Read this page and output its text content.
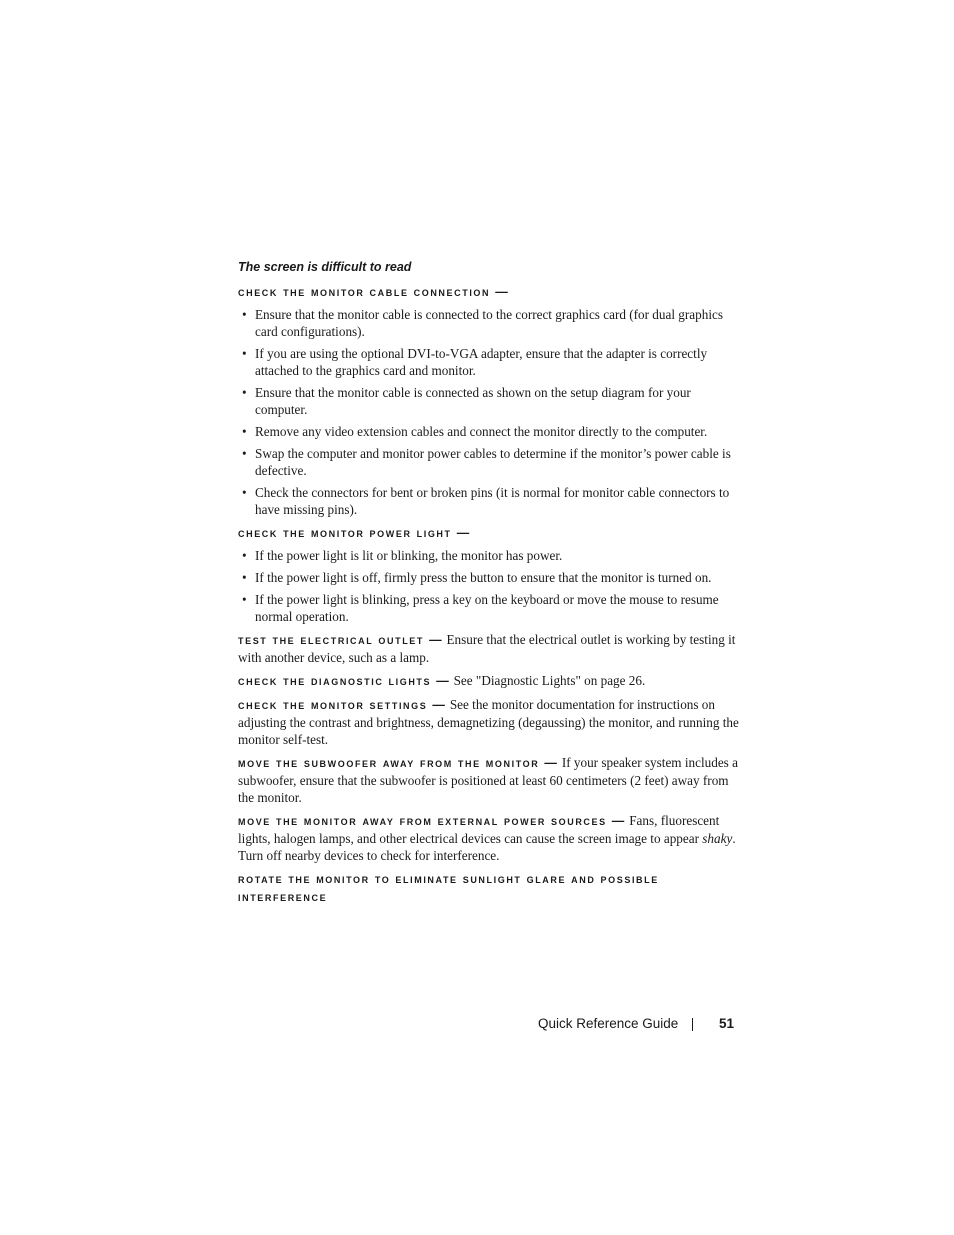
The screen is difficult to read
check the monitor cable connection —
• Ensure that the monitor cable is connected to the correct graphics card (for dual graphics card configurations).
• If you are using the optional DVI-to-VGA adapter, ensure that the adapter is correctly attached to the graphics card and monitor.
• Ensure that the monitor cable is connected as shown on the setup diagram for your computer.
• Remove any video extension cables and connect the monitor directly to the computer.
• Swap the computer and monitor power cables to determine if the monitor’s power cable is defective.
• Check the connectors for bent or broken pins (it is normal for monitor cable connectors to have missing pins).
check the monitor power light —
• If the power light is lit or blinking, the monitor has power.
• If the power light is off, firmly press the button to ensure that the monitor is turned on.
• If the power light is blinking, press a key on the keyboard or move the mouse to resume normal operation.

test the electrical outlet — Ensure that the electrical outlet is working by testing it with another device, such as a lamp.

check the diagnostic lights — See "Diagnostic Lights" on page 26.

check the monitor settings — See the monitor documentation for instructions on adjusting the contrast and brightness, demagnetizing (degaussing) the monitor, and running the monitor self-test.

move the subwoofer away from the monitor — If your speaker system includes a subwoofer, ensure that the subwoofer is positioned at least 60 centimeters (2 feet) away from the monitor.

move the monitor away from external power sources — Fans, fluorescent lights, halogen lamps, and other electrical devices can cause the screen image to appear shaky. Turn off nearby devices to check for interference.

rotate the monitor to eliminate sunlight glare and possible interference

Quick Reference Guide	51
